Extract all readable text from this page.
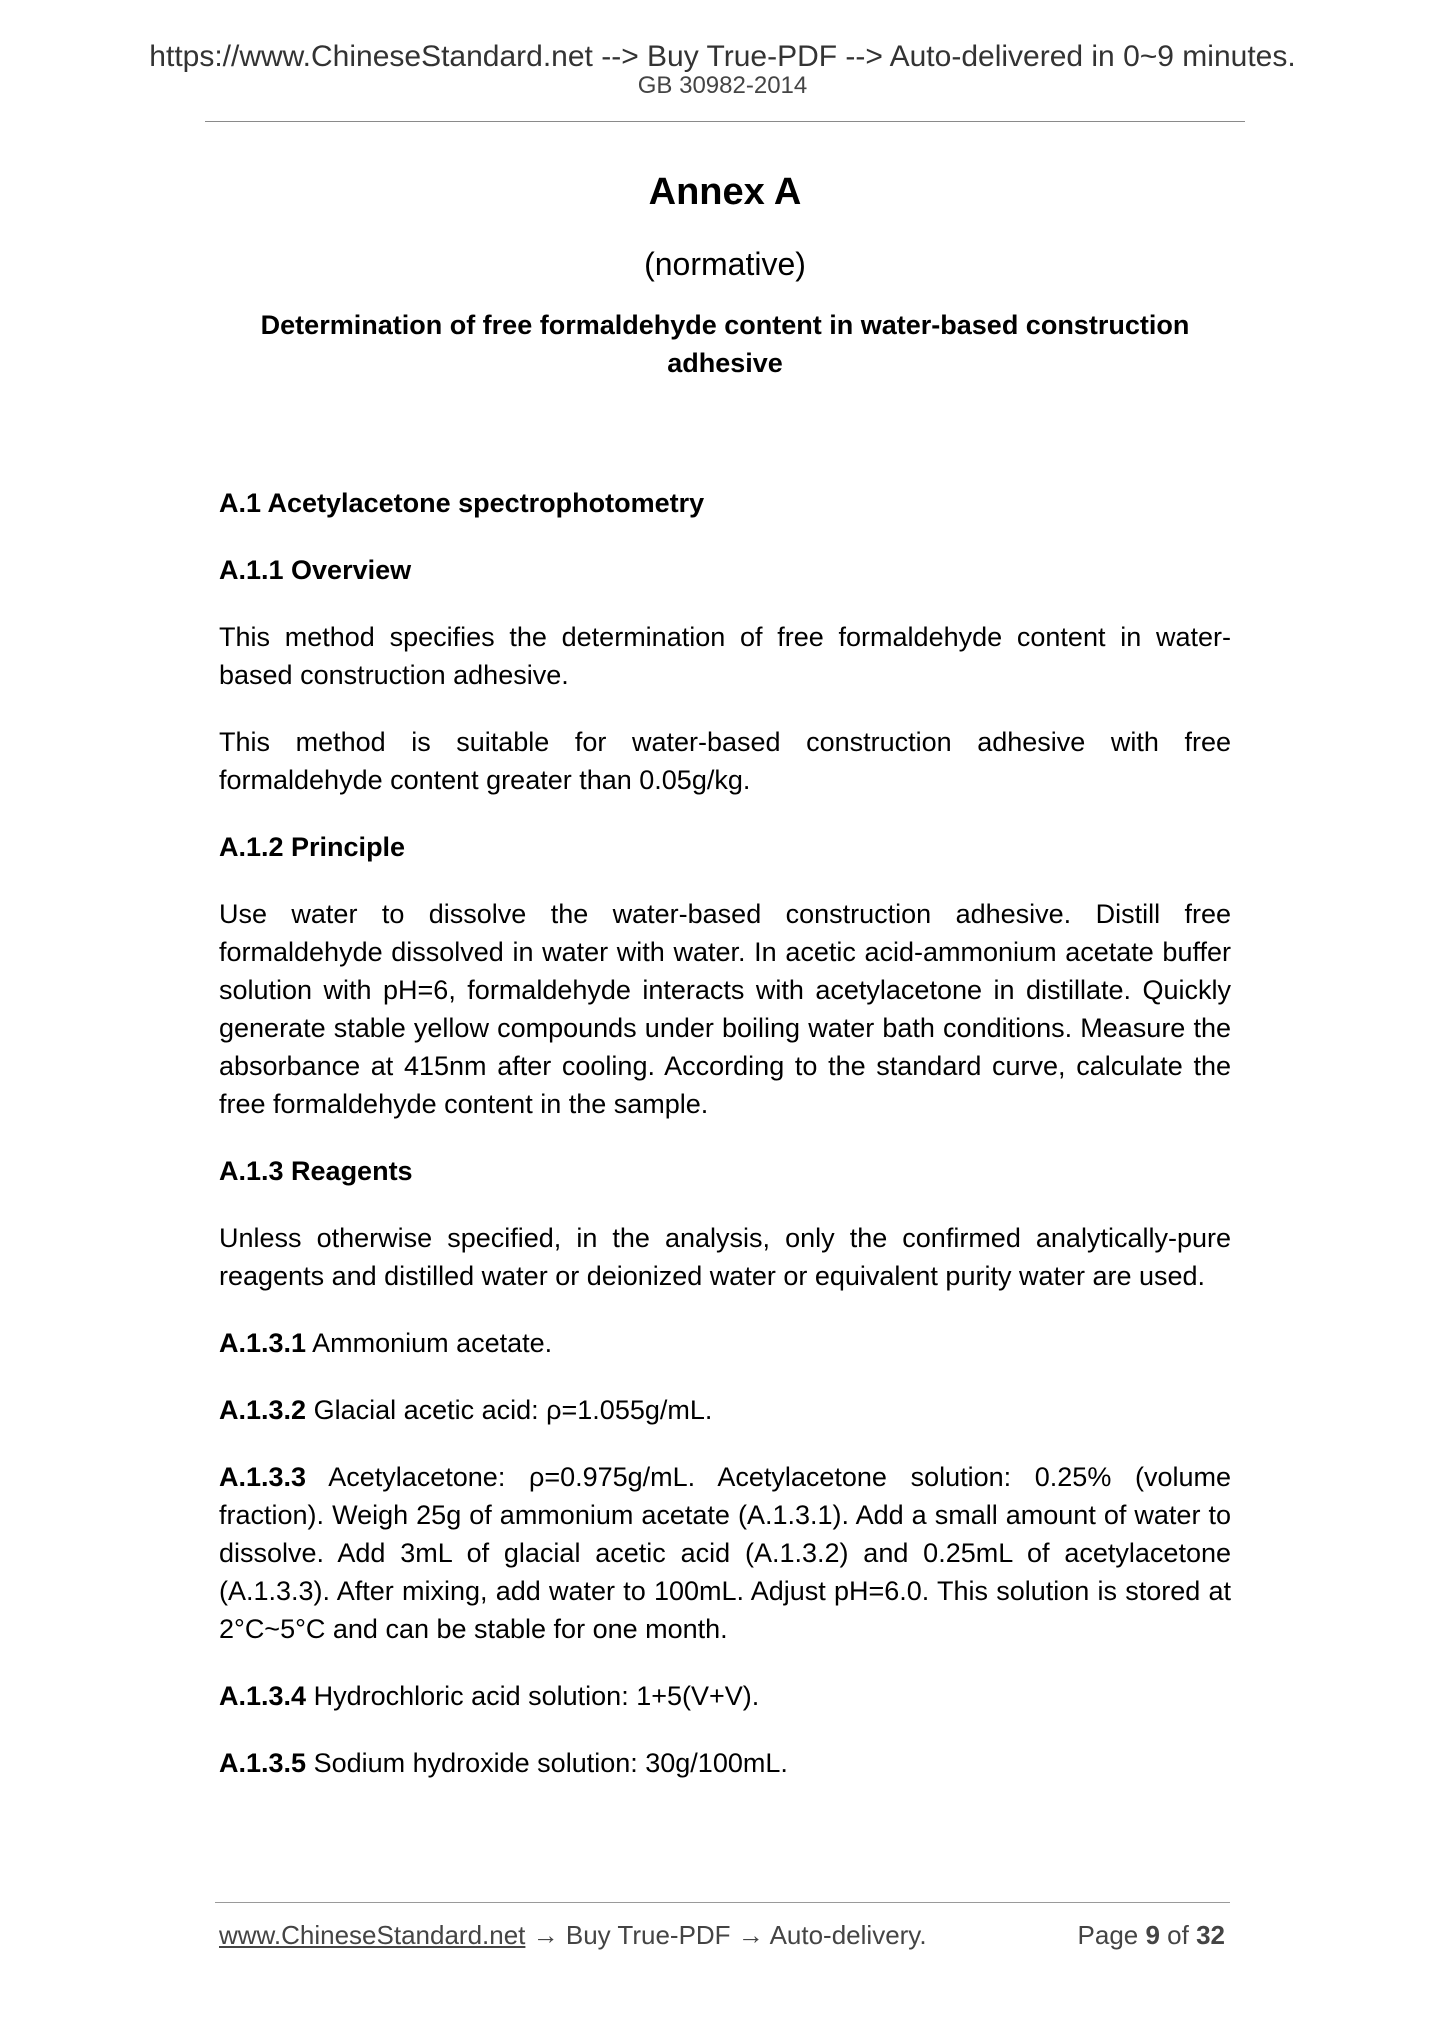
https://www.ChineseStandard.net --> Buy True-PDF --> Auto-delivered in 0~9 minutes.
GB 30982-2014
Annex A

(normative)

Determination of free formaldehyde content in water-based construction adhesive

A.1 Acetylacetone spectrophotometry

A.1.1 Overview

This method specifies the determination of free formaldehyde content in water-based construction adhesive.

This method is suitable for water-based construction adhesive with free formaldehyde content greater than 0.05g/kg.

A.1.2 Principle

Use water to dissolve the water-based construction adhesive. Distill free formaldehyde dissolved in water with water. In acetic acid-ammonium acetate buffer solution with pH=6, formaldehyde interacts with acetylacetone in distillate. Quickly generate stable yellow compounds under boiling water bath conditions. Measure the absorbance at 415nm after cooling. According to the standard curve, calculate the free formaldehyde content in the sample.

A.1.3 Reagents

Unless otherwise specified, in the analysis, only the confirmed analytically-pure reagents and distilled water or deionized water or equivalent purity water are used.

A.1.3.1 Ammonium acetate.

A.1.3.2 Glacial acetic acid: ρ=1.055g/mL.

A.1.3.3 Acetylacetone: ρ=0.975g/mL. Acetylacetone solution: 0.25% (volume fraction). Weigh 25g of ammonium acetate (A.1.3.1). Add a small amount of water to dissolve. Add 3mL of glacial acetic acid (A.1.3.2) and 0.25mL of acetylacetone (A.1.3.3). After mixing, add water to 100mL. Adjust pH=6.0. This solution is stored at 2°C~5°C and can be stable for one month.

A.1.3.4 Hydrochloric acid solution: 1+5(V+V).

A.1.3.5 Sodium hydroxide solution: 30g/100mL.

www.ChineseStandard.net → Buy True-PDF → Auto-delivery.	Page 9 of 32
